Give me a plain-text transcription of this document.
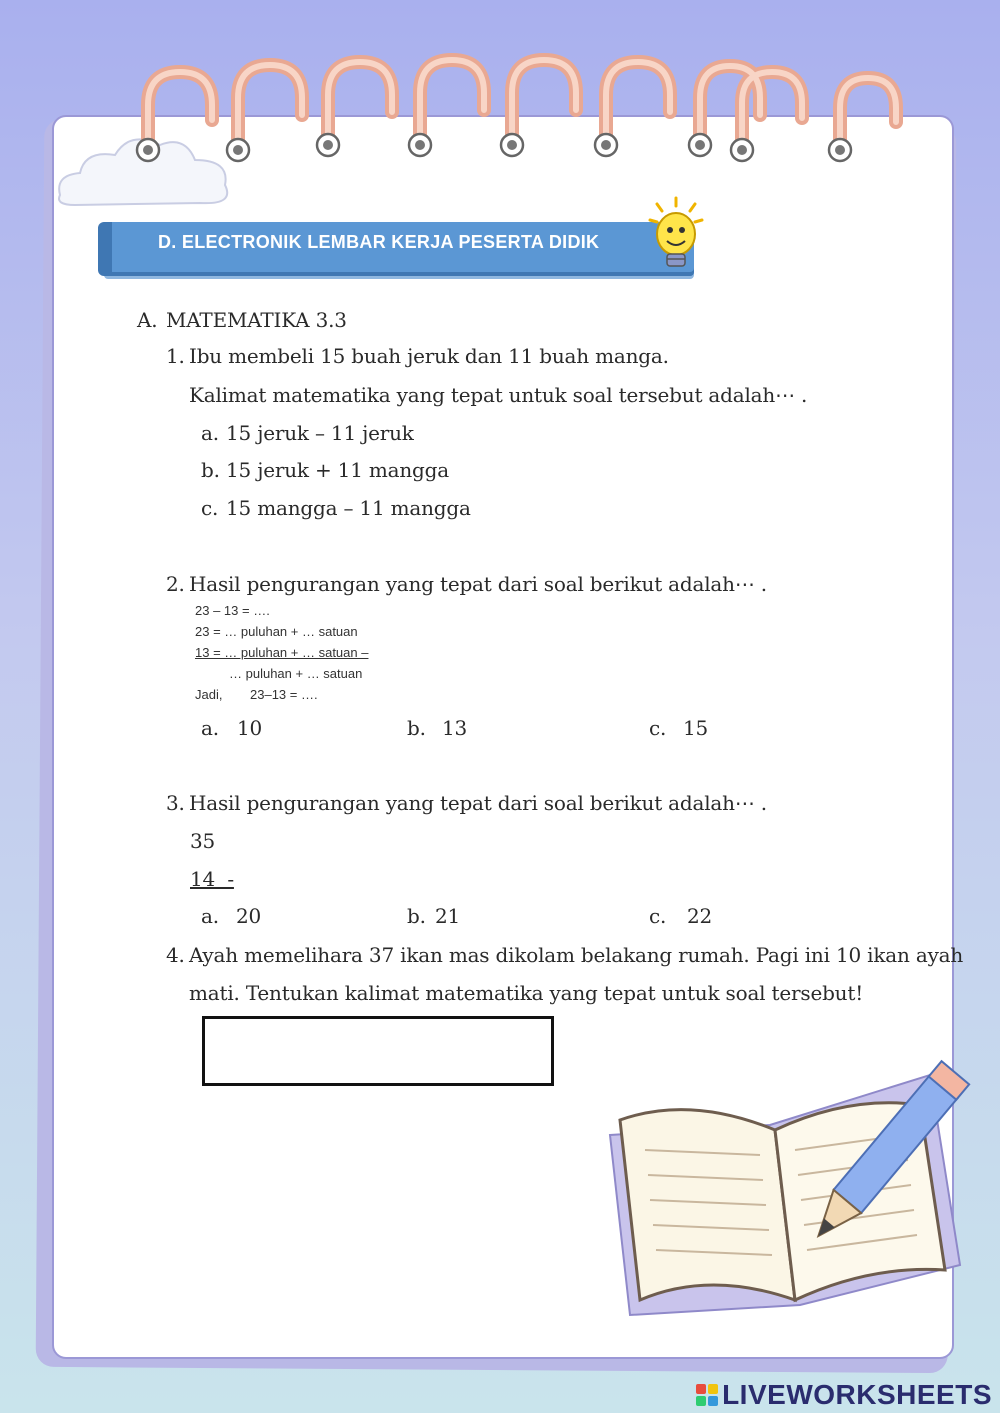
D. ELECTRONIK LEMBAR KERJA PESERTA DIDIK
A. MATEMATIKA 3.3
1. Ibu membeli 15 buah jeruk dan 11 buah manga.
Kalimat matematika yang tepat untuk soal tersebut adalah⋯ .
a. 15 jeruk – 11 jeruk
b. 15 jeruk + 11 mangga
c. 15 mangga – 11 mangga
2. Hasil pengurangan yang tepat dari soal berikut adalah⋯ .
23 – 13 = ….
23 = … puluhan + … satuan
13 = … puluhan + … satuan –
… puluhan + … satuan
Jadi, 23–13 = ….
a. 10	b. 13	c. 15
3. Hasil pengurangan yang tepat dari soal berikut adalah⋯ .
35
14  -
a. 20	b. 21	c. 22
4. Ayah memelihara 37 ikan mas dikolam belakang rumah. Pagi ini 10 ikan ayah
mati. Tentukan kalimat matematika yang tepat untuk soal tersebut!
LIVEWORKSHEETS
